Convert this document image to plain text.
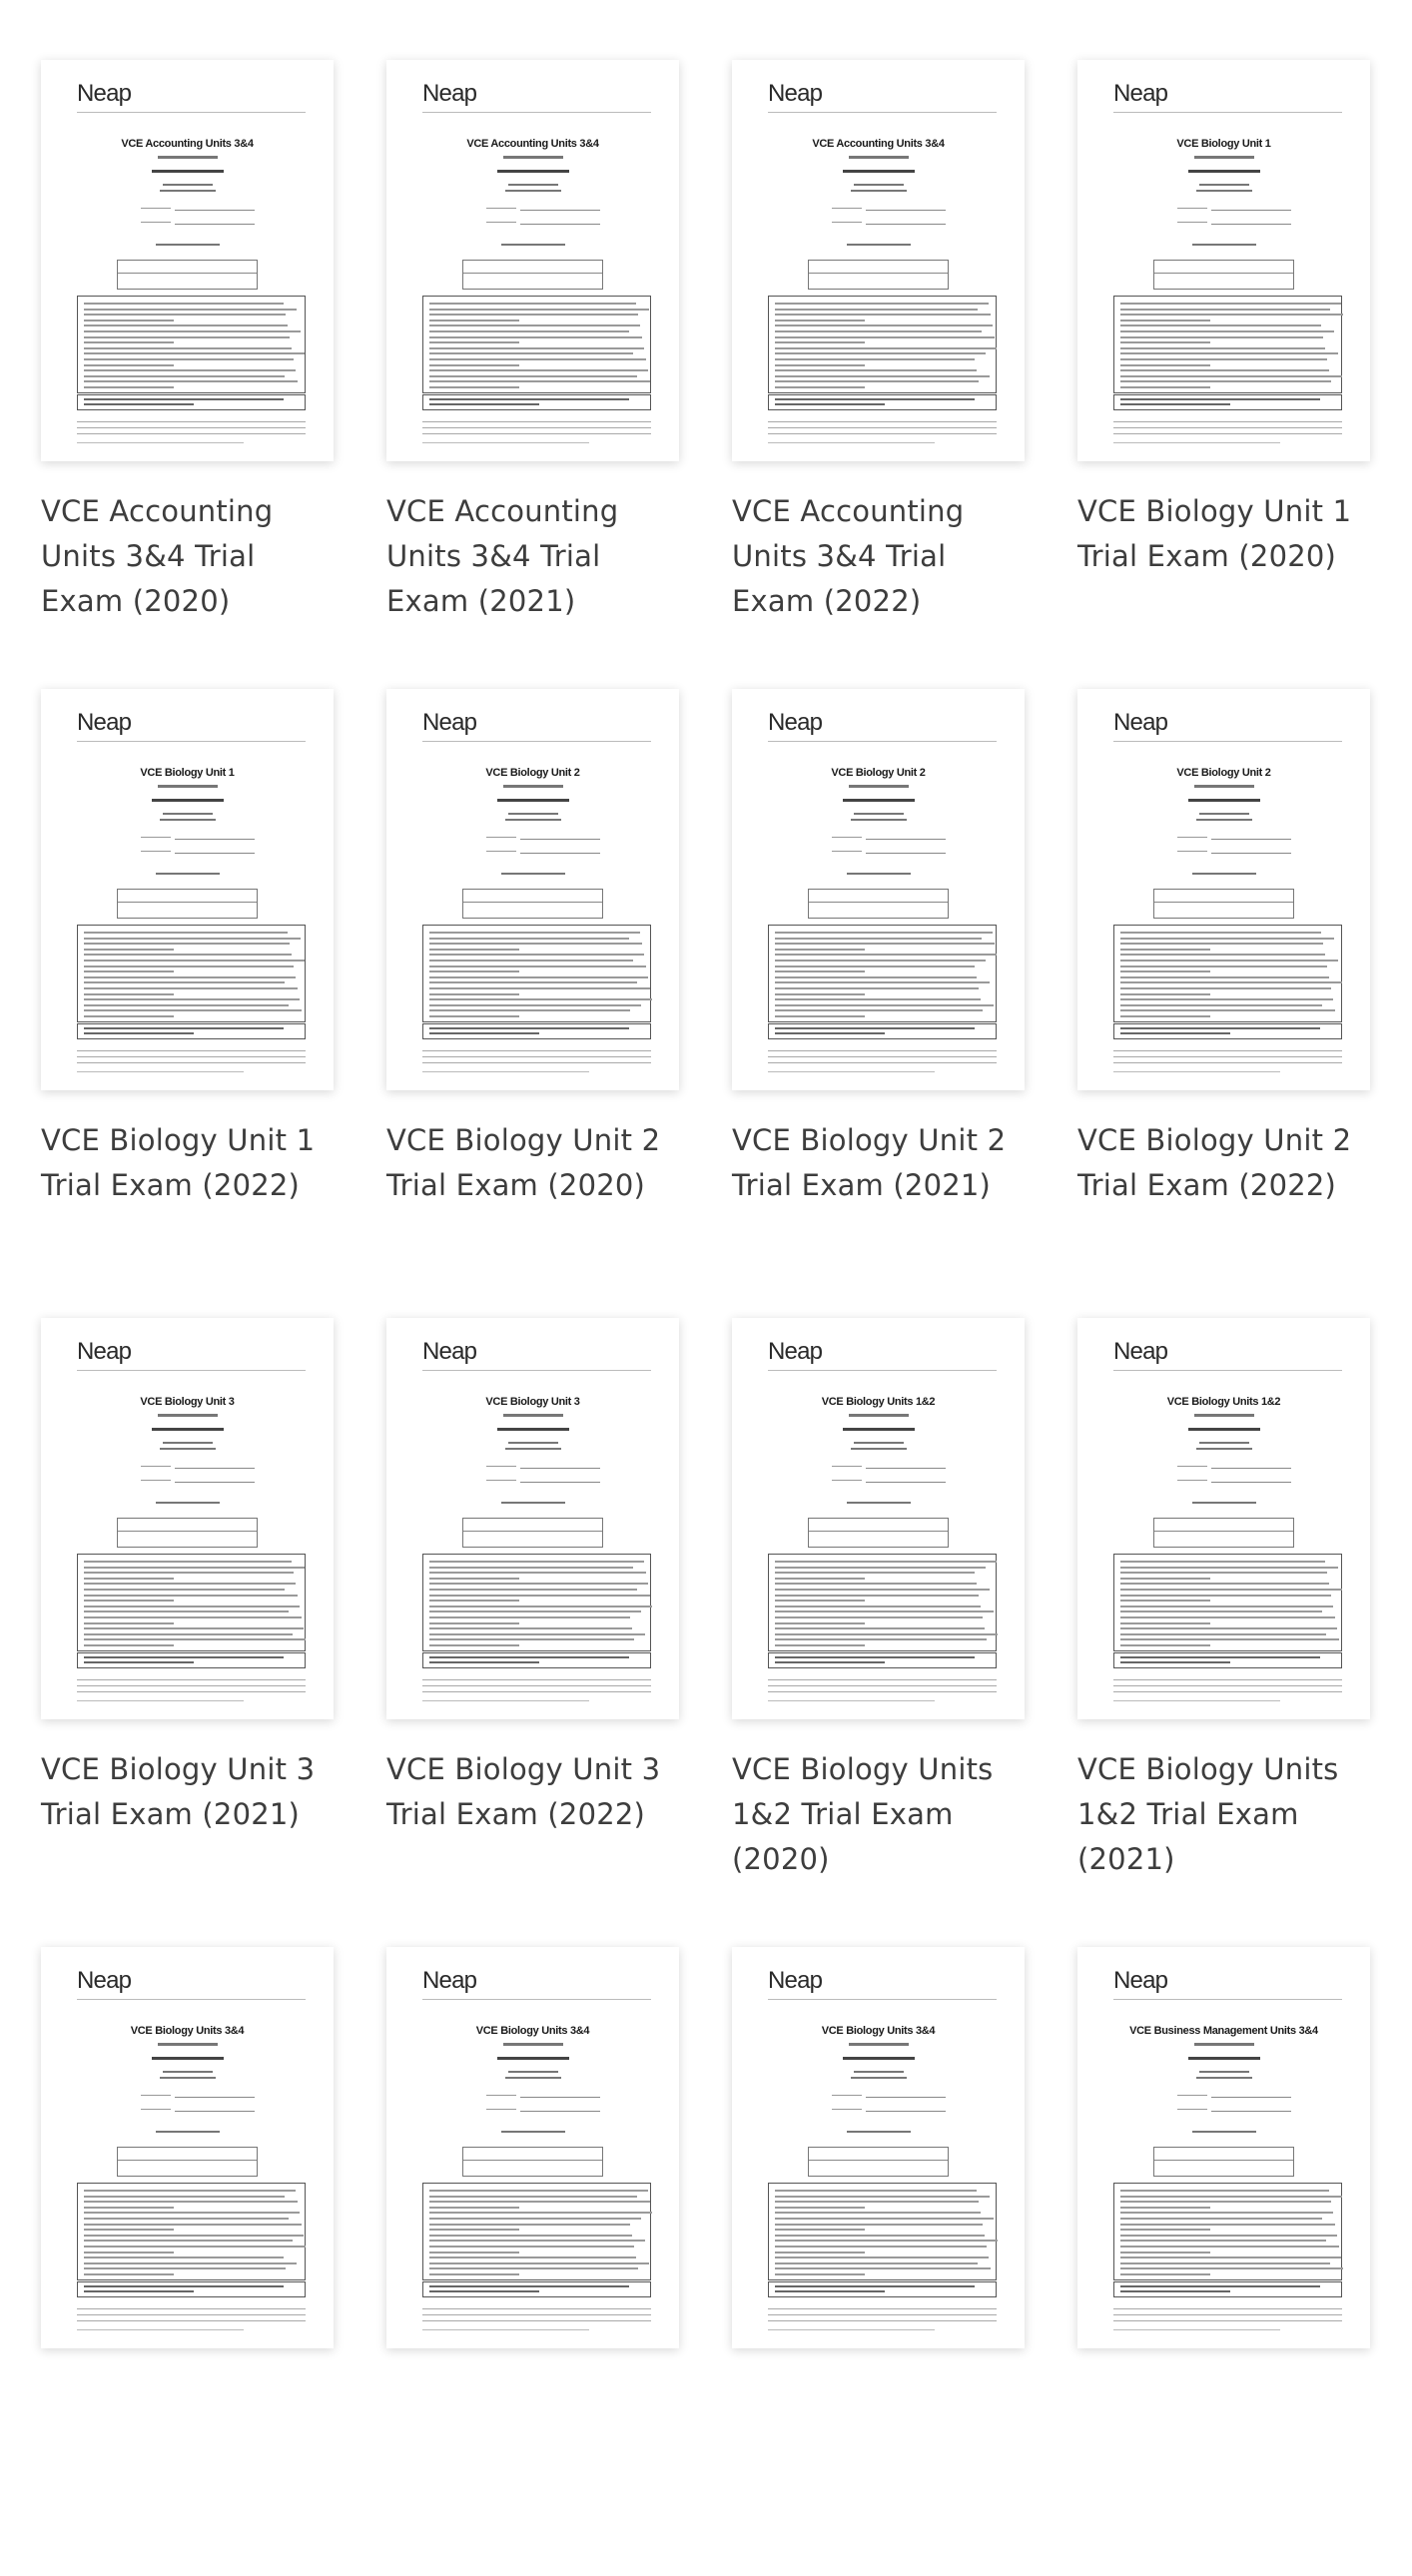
Neap
VCE Accounting Units 3&4
VCE Accounting Units 3&4 Trial Exam (2020)
Neap
VCE Accounting Units 3&4
VCE Accounting Units 3&4 Trial Exam (2021)
Neap
VCE Accounting Units 3&4
VCE Accounting Units 3&4 Trial Exam (2022)
Neap
VCE Biology Unit 1
VCE Biology Unit 1 Trial Exam (2020)
Neap
VCE Biology Unit 1
VCE Biology Unit 1 Trial Exam (2022)
Neap
VCE Biology Unit 2
VCE Biology Unit 2 Trial Exam (2020)
Neap
VCE Biology Unit 2
VCE Biology Unit 2 Trial Exam (2021)
Neap
VCE Biology Unit 2
VCE Biology Unit 2 Trial Exam (2022)
Neap
VCE Biology Unit 3
VCE Biology Unit 3 Trial Exam (2021)
Neap
VCE Biology Unit 3
VCE Biology Unit 3 Trial Exam (2022)
Neap
VCE Biology Units 1&2
VCE Biology Units 1&2 Trial Exam (2020)
Neap
VCE Biology Units 1&2
VCE Biology Units 1&2 Trial Exam (2021)
Neap
VCE Biology Units 3&4
Neap
VCE Biology Units 3&4
Neap
VCE Biology Units 3&4
Neap
VCE Business Management Units 3&4
